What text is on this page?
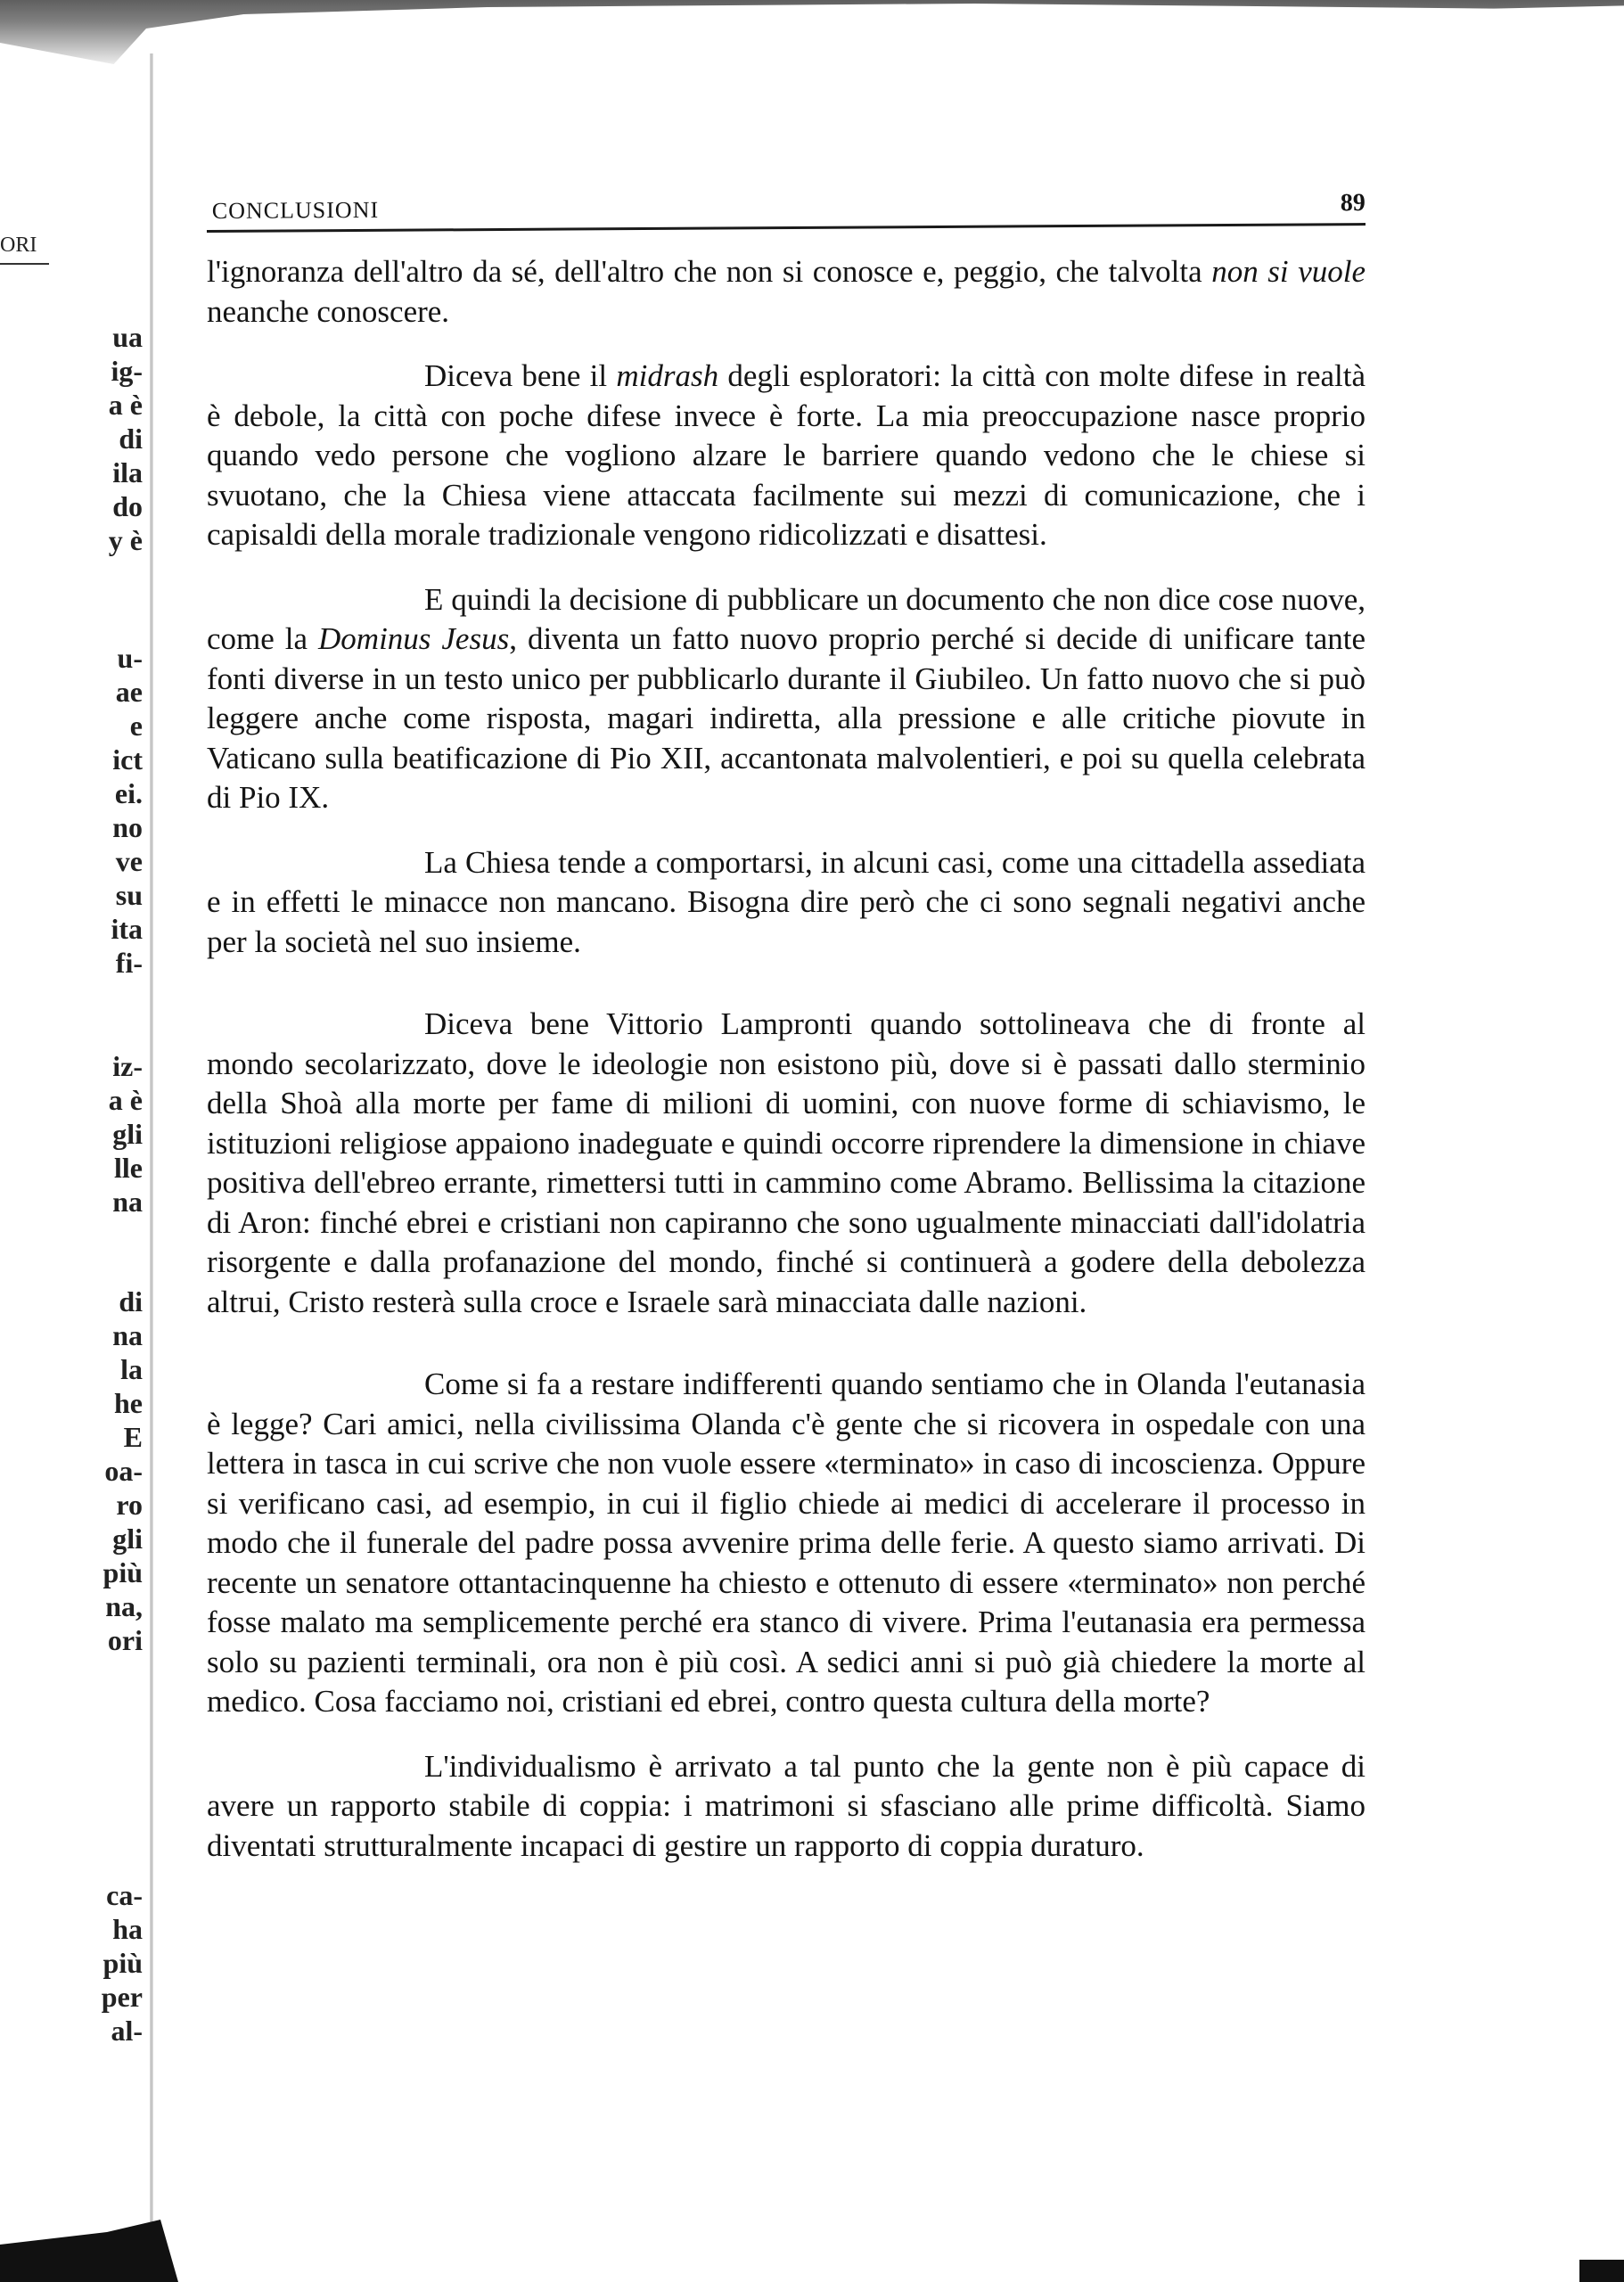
ORI
ua
ig-
a è
di
ila
do
y è
u-
ae
e
ict
ei.
no
ve
su
ita
fi-
iz-
a è
gli
lle
na
di
na
la
he
E
oa-
ro
gli
più
na,
ori
ca-
ha
più
per
al-
CONCLUSIONI	89

l'ignoranza dell'altro da sé, dell'altro che non si conosce e, peggio, che talvolta non si vuole neanche conoscere.

Diceva bene il midrash degli esploratori: la città con molte difese in realtà è debole, la città con poche difese invece è forte. La mia preoccupazione nasce proprio quando vedo persone che vogliono alzare le barriere quando vedono che le chiese si svuotano, che la Chiesa viene attaccata facilmente sui mezzi di comunicazione, che i capisaldi della morale tradizionale vengono ridicolizzati e disattesi.

E quindi la decisione di pubblicare un documento che non dice cose nuove, come la Dominus Jesus, diventa un fatto nuovo proprio perché si decide di unificare tante fonti diverse in un testo unico per pubblicarlo durante il Giubileo. Un fatto nuovo che si può leggere anche come risposta, magari indiretta, alla pressione e alle critiche piovute in Vaticano sulla beatificazione di Pio XII, accantonata malvolentieri, e poi su quella celebrata di Pio IX.

La Chiesa tende a comportarsi, in alcuni casi, come una cittadella assediata e in effetti le minacce non mancano. Bisogna dire però che ci sono segnali negativi anche per la società nel suo insieme.

Diceva bene Vittorio Lampronti quando sottolineava che di fronte al mondo secolarizzato, dove le ideologie non esistono più, dove si è passati dallo sterminio della Shoà alla morte per fame di milioni di uomini, con nuove forme di schiavismo, le istituzioni religiose appaiono inadeguate e quindi occorre riprendere la dimensione in chiave positiva dell'ebreo errante, rimettersi tutti in cammino come Abramo. Bellissima la citazione di Aron: finché ebrei e cristiani non capiranno che sono ugualmente minacciati dall'idolatria risorgente e dalla profanazione del mondo, finché si continuerà a godere della debolezza altrui, Cristo resterà sulla croce e Israele sarà minacciata dalle nazioni.

Come si fa a restare indifferenti quando sentiamo che in Olanda l'eutanasia è legge? Cari amici, nella civilissima Olanda c'è gente che si ricovera in ospedale con una lettera in tasca in cui scrive che non vuole essere «terminato» in caso di incoscienza. Oppure si verificano casi, ad esempio, in cui il figlio chiede ai medici di accelerare il processo in modo che il funerale del padre possa avvenire prima delle ferie. A questo siamo arrivati. Di recente un senatore ottantacinquenne ha chiesto e ottenuto di essere «terminato» non perché fosse malato ma semplicemente perché era stanco di vivere. Prima l'eutanasia era permessa solo su pazienti terminali, ora non è più così. A sedici anni si può già chiedere la morte al medico. Cosa facciamo noi, cristiani ed ebrei, contro questa cultura della morte?

L'individualismo è arrivato a tal punto che la gente non è più capace di avere un rapporto stabile di coppia: i matrimoni si sfasciano alle prime difficoltà. Siamo diventati strutturalmente incapaci di gestire un rapporto di coppia duraturo.
